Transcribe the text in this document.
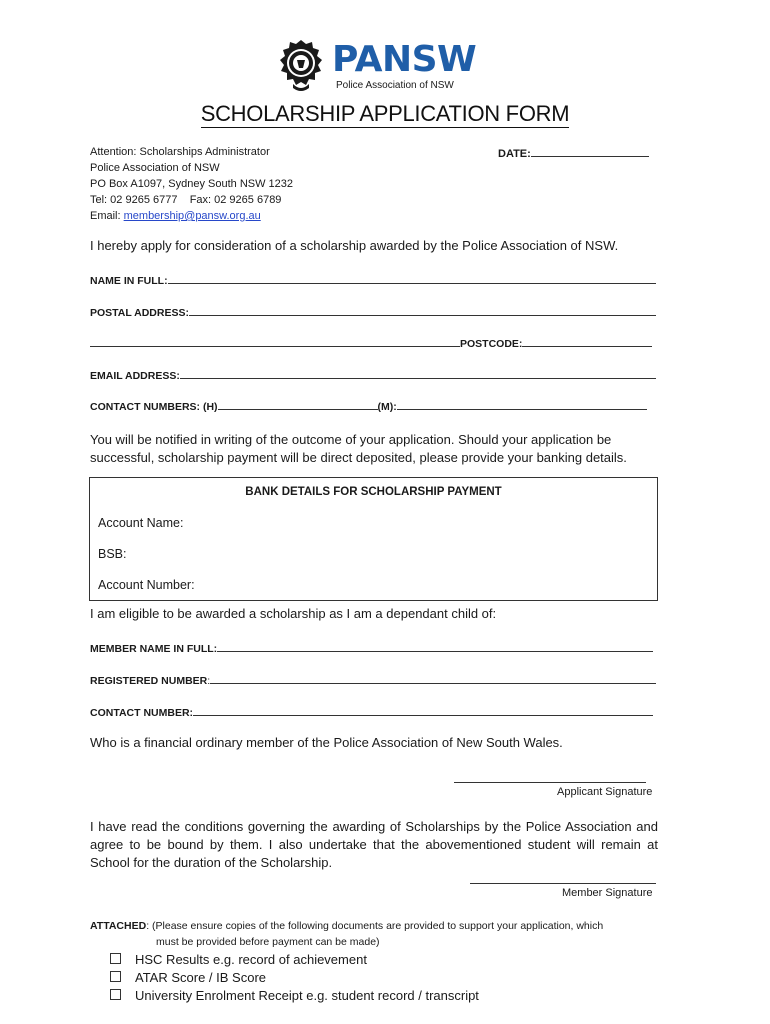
PANSW
Police Association of NSW
SCHOLARSHIP APPLICATION FORM
Attention: Scholarships Administrator
Police Association of NSW
PO Box A1097, Sydney South NSW 1232
Tel: 02 9265 6777    Fax: 02 9265 6789
Email: membership@pansw.org.au
DATE:
I hereby apply for consideration of a scholarship awarded by the Police Association of NSW.
NAME IN FULL:
POSTAL ADDRESS:
POSTCODE:
EMAIL ADDRESS:
CONTACT NUMBERS: (H)	(M):
You will be notified in writing of the outcome of your application. Should your application be successful, scholarship payment will be direct deposited, please provide your banking details.
BANK DETAILS FOR SCHOLARSHIP PAYMENT
Account Name:
BSB:
Account Number:
I am eligible to be awarded a scholarship as I am a dependant child of:
MEMBER NAME IN FULL:
REGISTERED NUMBER:
CONTACT NUMBER:
Who is a financial ordinary member of the Police Association of New South Wales.
Applicant Signature
I have read the conditions governing the awarding of Scholarships by the Police Association and agree to be bound by them. I also undertake that the abovementioned student will remain at School for the duration of the Scholarship.
Member Signature
ATTACHED: (Please ensure copies of the following documents are provided to support your application, which
must be provided before payment can be made)
HSC Results e.g. record of achievement
ATAR Score / IB Score
University Enrolment Receipt e.g. student record / transcript
